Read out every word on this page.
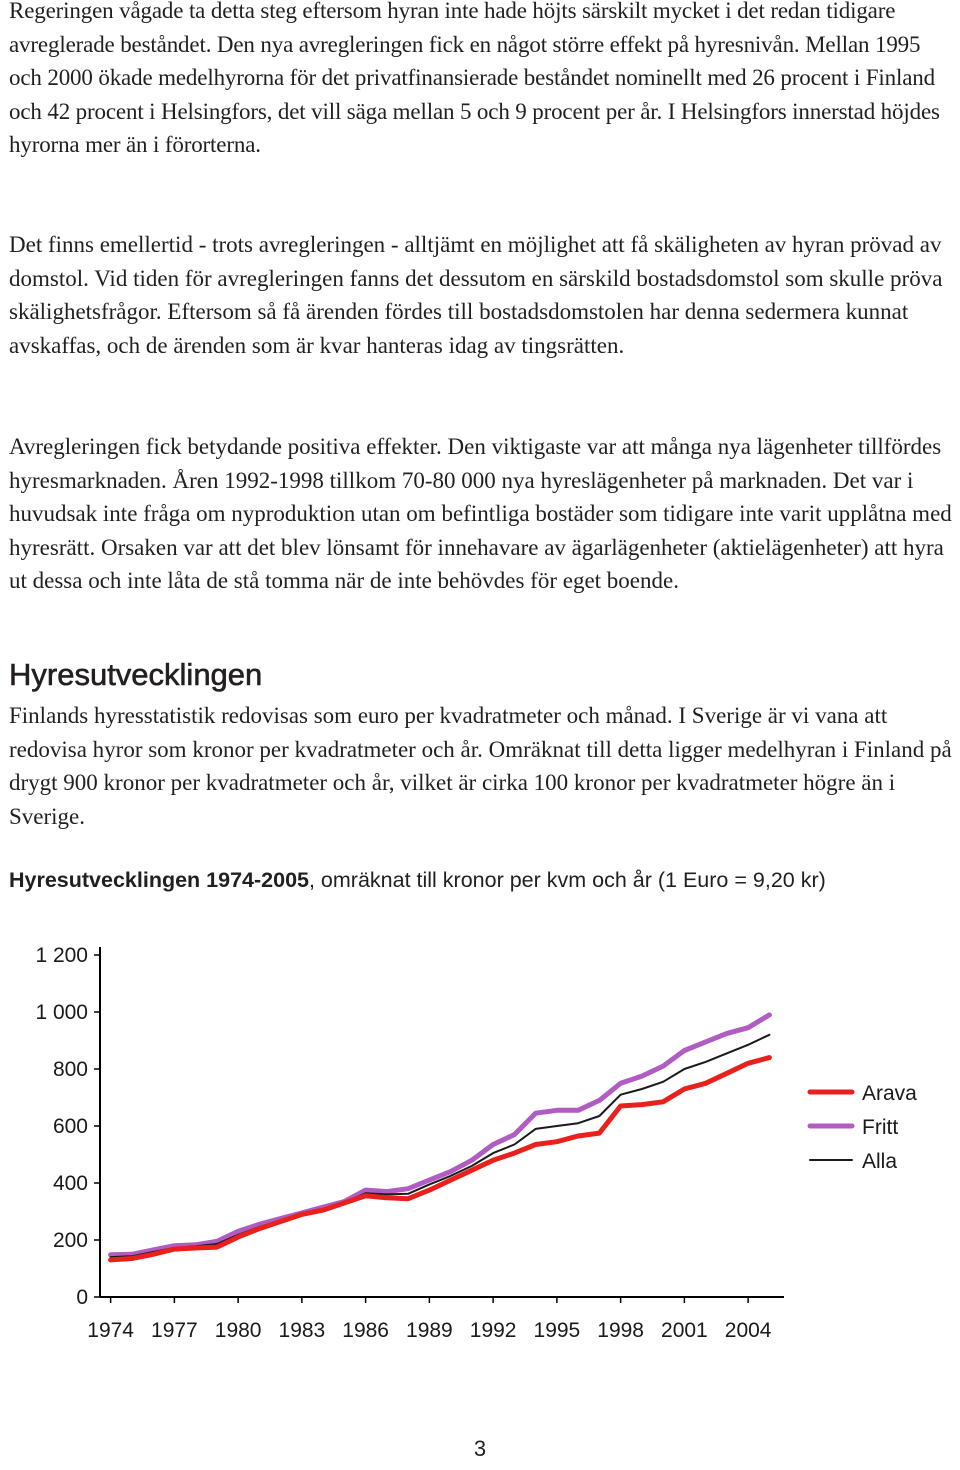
Regeringen vågade ta detta steg eftersom hyran inte hade höjts särskilt mycket i det redan tidigare avreglerade beståndet. Den nya avregleringen fick en något större effekt på hyresnivån. Mellan 1995 och 2000 ökade medelhyrorna för det privatfinansierade beståndet nominellt med 26 procent i Finland och 42 procent i Helsingfors, det vill säga mellan 5 och 9 procent per år. I Helsingfors innerstad höjdes hyrorna mer än i förorterna.

Det finns emellertid - trots avregleringen - alltjämt en möjlighet att få skäligheten av hyran prövad av domstol. Vid tiden för avregleringen fanns det dessutom en särskild bostadsdomstol som skulle pröva skälighetsfrågor. Eftersom så få ärenden fördes till bostadsdomstolen har denna sedermera kunnat avskaffas, och de ärenden som är kvar hanteras idag av tingsrätten.

Avregleringen fick betydande positiva effekter. Den viktigaste var att många nya lägenheter tillfördes hyresmarknaden. Åren 1992-1998 tillkom 70-80 000 nya hyreslägenheter på marknaden. Det var i huvudsak inte fråga om nyproduktion utan om befintliga bostäder som tidigare inte varit upplåtna med hyresrätt. Orsaken var att det blev lönsamt för innehavare av ägarlägenheter (aktielägenheter) att hyra ut dessa och inte låta de stå tomma när de inte behövdes för eget boende.

Hyresutvecklingen

Finlands hyresstatistik redovisas som euro per kvadratmeter och månad. I Sverige är vi vana att redovisa hyror som kronor per kvadratmeter och år. Omräknat till detta ligger medelhyran i Finland på drygt 900 kronor per kvadratmeter och år, vilket är cirka 100 kronor per kvadratmeter högre än i Sverige.

Hyresutvecklingen 1974-2005, omräknat till kronor per kvm och år (1 Euro = 9,20 kr)
0
200
400
600
800
1 000
1 200
1974 1977 1980 1983 1986 1989 1992 1995 1998 2001 2004
Arava
Fritt
Alla
3
